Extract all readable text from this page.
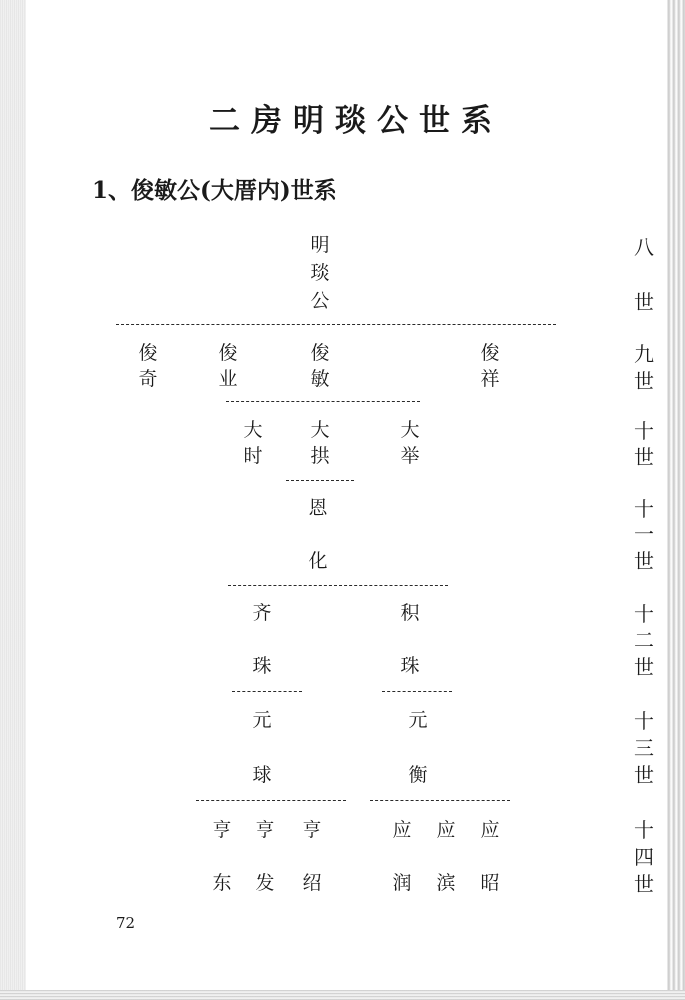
二房明琰公世系
1、俊敏公(大厝内)世系
明
琰
公
俊
奇
俊
业
俊
敏
俊
祥
大
时
大
拱
大
举
恩
化
齐
珠
积
珠
元
球
元
衡
亨
东
亨
发
亨
绍
应
润
应
滨
应
昭
八
世
九
世
十
世
十
一
世
十
二
世
十
三
世
十
四
世
72
